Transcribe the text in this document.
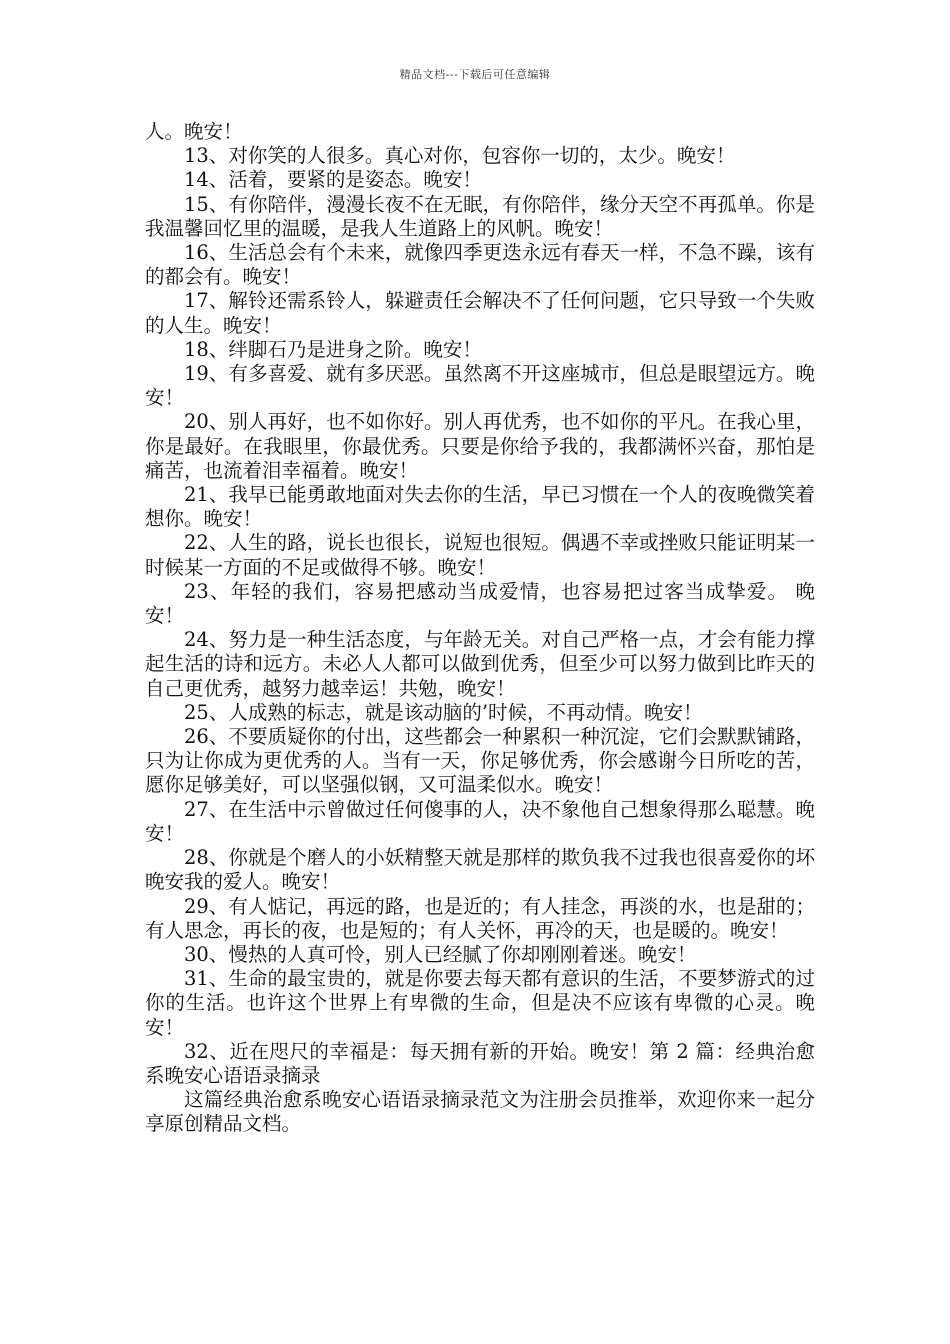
精品文档---下载后可任意编辑

人。晚安！

13、对你笑的人很多。真心对你，包容你一切的，太少。晚安！

14、活着，要紧的是姿态。晚安！

15、有你陪伴，漫漫长夜不在无眠，有你陪伴，缘分天空不再孤单。你是我温馨回忆里的温暖，是我人生道路上的风帆。晚安！

16、生活总会有个未来，就像四季更迭永远有春天一样，不急不躁，该有的都会有。晚安！

17、解铃还需系铃人，躲避责任会解决不了任何问题，它只导致一个失败的人生。晚安！

18、绊脚石乃是进身之阶。晚安！

19、有多喜爱、就有多厌恶。虽然离不开这座城市，但总是眼望远方。晚安！

20、别人再好，也不如你好。别人再优秀，也不如你的平凡。在我心里，你是最好。在我眼里，你最优秀。只要是你给予我的，我都满怀兴奋，那怕是痛苦，也流着泪幸福着。晚安！

21、我早已能勇敢地面对失去你的生活，早已习惯在一个人的夜晚微笑着想你。晚安！

22、人生的路，说长也很长，说短也很短。偶遇不幸或挫败只能证明某一时候某一方面的不足或做得不够。晚安！

23、年轻的我们，容易把感动当成爱情，也容易把过客当成挚爱。 晚安！

24、努力是一种生活态度，与年龄无关。对自己严格一点，才会有能力撑起生活的诗和远方。未必人人都可以做到优秀，但至少可以努力做到比昨天的自己更优秀，越努力越幸运！共勉，晚安！

25、人成熟的标志，就是该动脑的’时候，不再动情。晚安！

26、不要质疑你的付出，这些都会一种累积一种沉淀，它们会默默铺路，只为让你成为更优秀的人。当有一天，你足够优秀，你会感谢今日所吃的苦，愿你足够美好，可以坚强似钢，又可温柔似水。晚安！

27、在生活中示曾做过任何傻事的人，决不象他自己想象得那么聪慧。晚安！

28、你就是个磨人的小妖精整天就是那样的欺负我不过我也很喜爱你的坏晚安我的爱人。晚安！

29、有人惦记，再远的路，也是近的；有人挂念，再淡的水，也是甜的；有人思念，再长的夜，也是短的；有人关怀，再冷的天，也是暖的。晚安！

30、慢热的人真可怜，别人已经腻了你却刚刚着迷。晚安！

31、生命的最宝贵的，就是你要去每天都有意识的生活，不要梦游式的过你的生活。也许这个世界上有卑微的生命，但是决不应该有卑微的心灵。晚安！

32、近在咫尺的幸福是：每天拥有新的开始。晚安！第 2 篇：经典治愈系晚安心语语录摘录

这篇经典治愈系晚安心语语录摘录范文为注册会员推举，欢迎你来一起分享原创精品文档。
